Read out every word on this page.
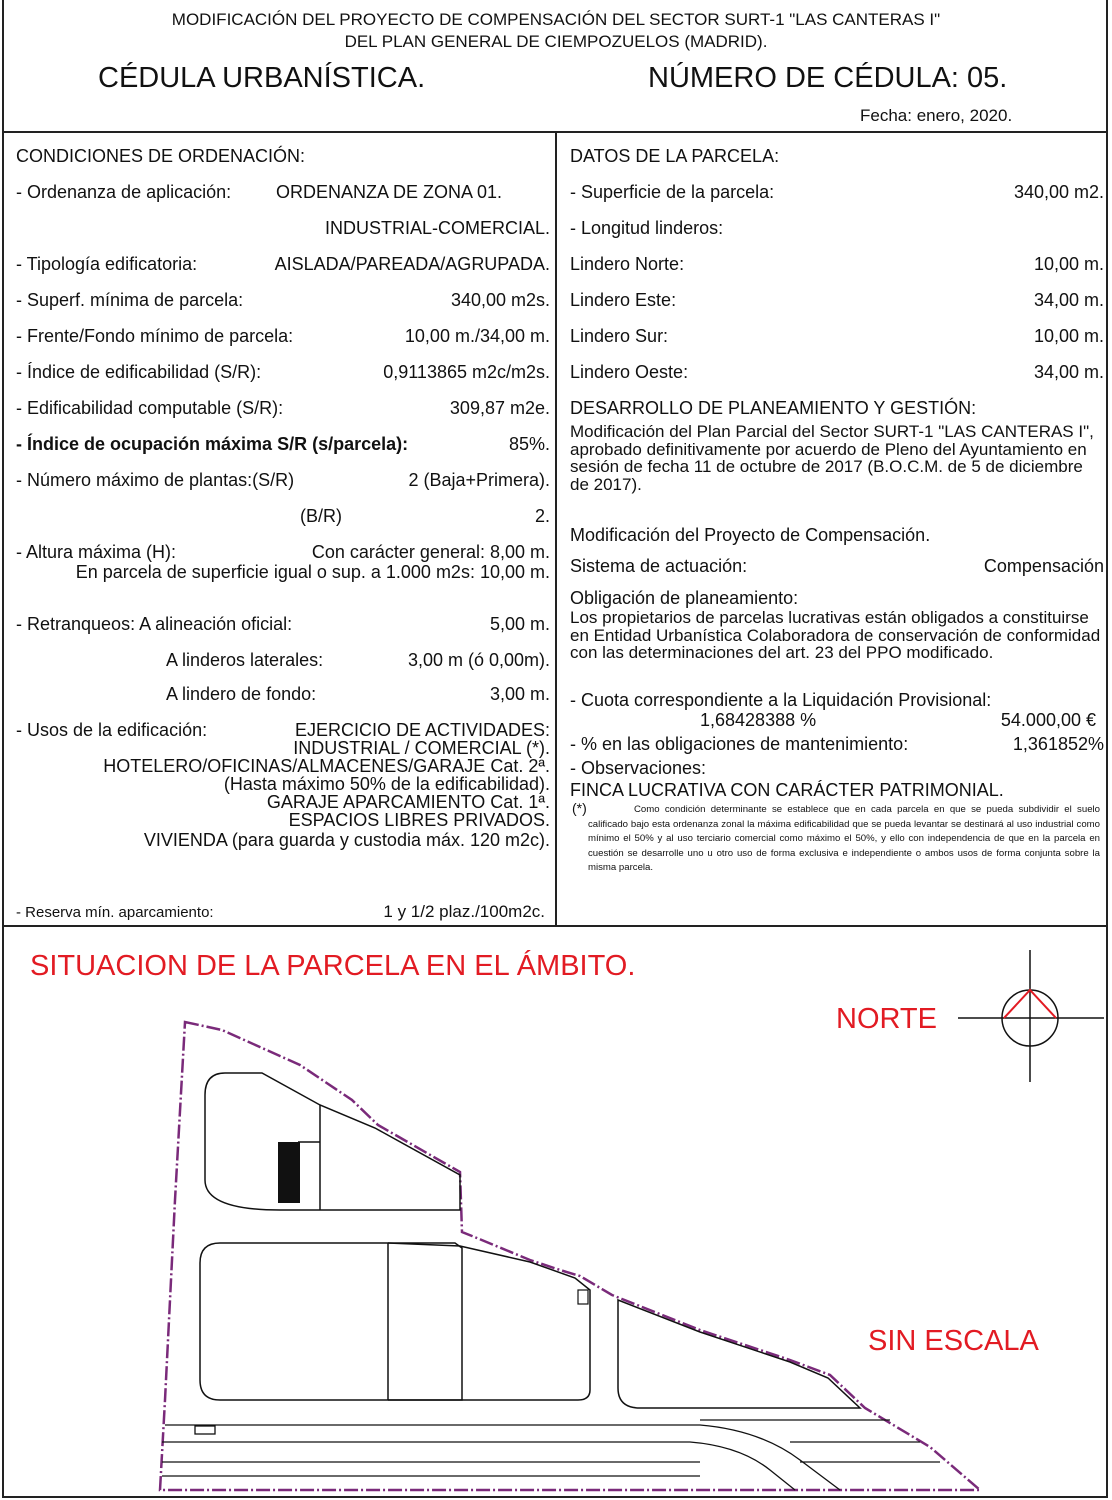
MODIFICACIÓN DEL PROYECTO DE COMPENSACIÓN DEL SECTOR SURT-1 "LAS CANTERAS I"
DEL PLAN GENERAL DE CIEMPOZUELOS (MADRID).
CÉDULA URBANÍSTICA.	NÚMERO DE CÉDULA: 05.
Fecha: enero, 2020.
CONDICIONES DE ORDENACIÓN:
- Ordenanza de aplicación: ORDENANZA DE ZONA 01.
INDUSTRIAL-COMERCIAL.
- Tipología edificatoria:	AISLADA/PAREADA/AGRUPADA.
- Superf. mínima de parcela:	340,00 m2s.
- Frente/Fondo mínimo de parcela:	10,00 m./34,00 m.
- Índice de edificabilidad (S/R):	0,9113865 m2c/m2s.
- Edificabilidad computable (S/R):	309,87 m2e.
- Índice de ocupación máxima S/R (s/parcela):	85%.
- Número máximo de plantas:(S/R)	2 (Baja+Primera).
(B/R)	2.
- Altura máxima (H):	Con carácter general: 8,00 m.
En parcela de superficie igual o sup. a 1.000 m2s: 10,00 m.
- Retranqueos: A alineación oficial:	5,00 m.
A linderos laterales:	3,00 m (ó 0,00m).
A lindero de fondo:	3,00 m.
- Usos de la edificación:	EJERCICIO DE ACTIVIDADES:
INDUSTRIAL / COMERCIAL (*).
HOTELERO/OFICINAS/ALMACENES/GARAJE Cat. 2ª.
(Hasta máximo 50% de la edificabilidad).
GARAJE APARCAMIENTO Cat. 1ª.
ESPACIOS LIBRES PRIVADOS.
VIVIENDA (para guarda y custodia máx. 120 m2c).
- Reserva mín. aparcamiento:	1 y 1/2 plaz./100m2c.
DATOS DE LA PARCELA:
- Superficie de la parcela:	340,00 m2.
- Longitud linderos:
Lindero Norte:	10,00 m.
Lindero Este:	34,00 m.
Lindero Sur:	10,00 m.
Lindero Oeste:	34,00 m.
DESARROLLO DE PLANEAMIENTO Y GESTIÓN:
Modificación del Plan Parcial del Sector SURT-1 "LAS CANTERAS I", aprobado definitivamente por acuerdo de Pleno del Ayuntamiento en sesión de fecha 11 de octubre de 2017 (B.O.C.M. de 5 de diciembre de 2017).
Modificación del Proyecto de Compensación.
Sistema de actuación:	Compensación
Obligación de planeamiento:
Los propietarios de parcelas lucrativas están obligados a constituirse en Entidad Urbanística Colaboradora de conservación de conformidad con las determinaciones del art. 23 del PPO modificado.
- Cuota correspondiente a la Liquidación Provisional:
1,68428388 %	54.000,00 €
- % en las obligaciones de mantenimiento:	1,361852%
- Observaciones:
FINCA LUCRATIVA CON CARÁCTER PATRIMONIAL.
(*)	Como condición determinante se establece que en cada parcela en que se pueda subdividir el suelo calificado bajo esta ordenanza zonal la máxima edificabilidad que se pueda levantar se destinará al uso industrial como mínimo el 50% y al uso terciario comercial como máximo el 50%, y ello con independencia de que en la parcela en cuestión se desarrolle uno u otro uso de forma exclusiva e independiente o ambos usos de forma conjunta sobre la misma parcela.
SITUACION DE LA PARCELA EN EL ÁMBITO.
NORTE
SIN ESCALA
